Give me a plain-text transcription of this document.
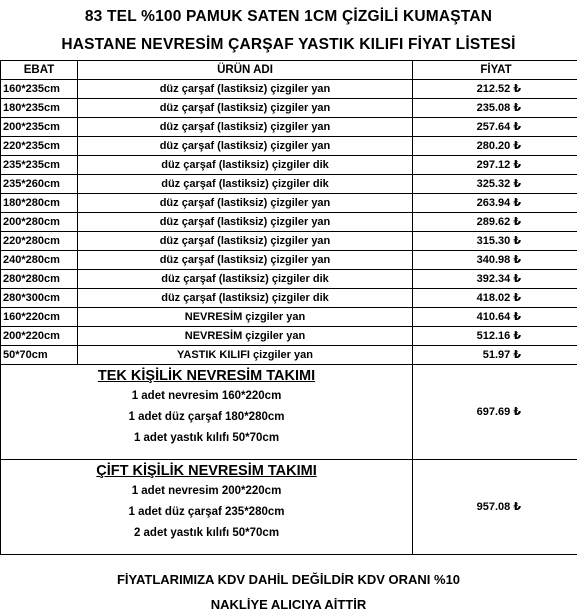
83 TEL %100 PAMUK SATEN 1CM ÇİZGİLİ KUMAŞTAN
HASTANE NEVRESİM ÇARŞAF YASTIK KILIFI FİYAT LİSTESİ
EBAT	ÜRÜN ADI	FİYAT
160*235cm	düz çarşaf (lastiksiz) çizgiler yan	212.52 ₺
180*235cm	düz çarşaf (lastiksiz) çizgiler yan	235.08 ₺
200*235cm	düz çarşaf (lastiksiz) çizgiler yan	257.64 ₺
220*235cm	düz çarşaf (lastiksiz) çizgiler yan	280.20 ₺
235*235cm	düz çarşaf (lastiksiz) çizgiler dik	297.12 ₺
235*260cm	düz çarşaf (lastiksiz) çizgiler dik	325.32 ₺
180*280cm	düz çarşaf (lastiksiz) çizgiler yan	263.94 ₺
200*280cm	düz çarşaf (lastiksiz) çizgiler yan	289.62 ₺
220*280cm	düz çarşaf (lastiksiz) çizgiler yan	315.30 ₺
240*280cm	düz çarşaf (lastiksiz) çizgiler yan	340.98 ₺
280*280cm	düz çarşaf (lastiksiz) çizgiler dik	392.34 ₺
280*300cm	düz çarşaf (lastiksiz) çizgiler dik	418.02 ₺
160*220cm	NEVRESİM çizgiler yan	410.64 ₺
200*220cm	NEVRESİM çizgiler yan	512.16 ₺
50*70cm	YASTIK KILIFI çizgiler yan	51.97 ₺

TEK KİŞİLİK NEVRESİM TAKIMI
1 adet nevresim 160*220cm
1 adet düz çarşaf 180*280cm
1 adet yastık kılıfı 50*70cm		697.69 ₺

ÇİFT KİŞİLİK NEVRESİM TAKIMI
1 adet nevresim 200*220cm
1 adet düz çarşaf 235*280cm
2 adet yastık kılıfı 50*70cm		957.08 ₺
FİYATLARIMIZA KDV DAHİL DEĞİLDİR KDV ORANI %10
NAKLİYE ALICIYA AİTTİR
